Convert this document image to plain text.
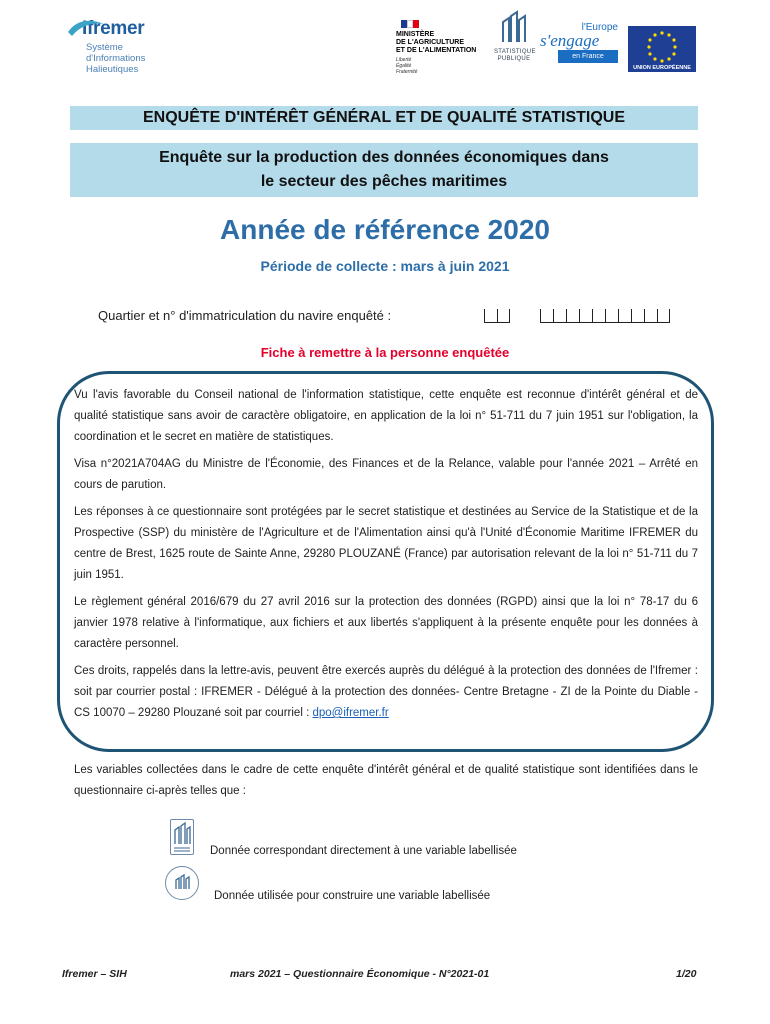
Ifremer
Système
d'Informations
Halieutiques
MINISTÈRE
DE L'AGRICULTURE
ET DE L'ALIMENTATION
Liberté
Égalité
Fraternité
STATISTIQUE
PUBLIQUE
l'Europe
s'engage
en France
UNION EUROPÉENNE
ENQUÊTE D'INTÉRÊT GÉNÉRAL ET DE QUALITÉ STATISTIQUE
Enquête sur la production des données économiques dans
le secteur des pêches maritimes
Année de référence 2020
Période de collecte : mars à juin 2021
Quartier et n° d'immatriculation du navire enquêté :
Fiche à remettre à la personne enquêtée

Vu l'avis favorable du Conseil national de l'information statistique, cette enquête est reconnue d'intérêt général et de qualité statistique sans avoir de caractère obligatoire, en application de la loi n° 51-711 du 7 juin 1951 sur l'obligation, la coordination et le secret en matière de statistiques.

Visa n°2021A704AG du Ministre de l'Économie, des Finances et de la Relance, valable pour l'année 2021 – Arrêté en cours de parution.

Les réponses à ce questionnaire sont protégées par le secret statistique et destinées au Service de la Statistique et de la Prospective (SSP) du ministère de l'Agriculture et de l'Alimentation ainsi qu'à l'Unité d'Économie Maritime IFREMER du centre de Brest, 1625 route de Sainte Anne, 29280 PLOUZANÉ (France) par autorisation relevant de la loi n° 51-711 du 7 juin 1951.

Le règlement général 2016/679 du 27 avril 2016 sur la protection des données (RGPD) ainsi que la loi n° 78-17 du 6 janvier 1978 relative à l'informatique, aux fichiers et aux libertés s'appliquent à la présente enquête pour les données à caractère personnel.

Ces droits, rappelés dans la lettre-avis, peuvent être exercés auprès du délégué à la protection des données de l'Ifremer : soit par courrier postal : IFREMER - Délégué à la protection des données- Centre Bretagne - ZI de la Pointe du Diable - CS 10070 – 29280 Plouzané soit par courriel : dpo@ifremer.fr

Les variables collectées dans le cadre de cette enquête d'intérêt général et de qualité statistique sont identifiées dans le questionnaire ci-après telles que :
Donnée correspondant directement à une variable labellisée
Donnée utilisée pour construire une variable labellisée
Ifremer – SIH	mars 2021 – Questionnaire Économique - N°2021-01	1/20
